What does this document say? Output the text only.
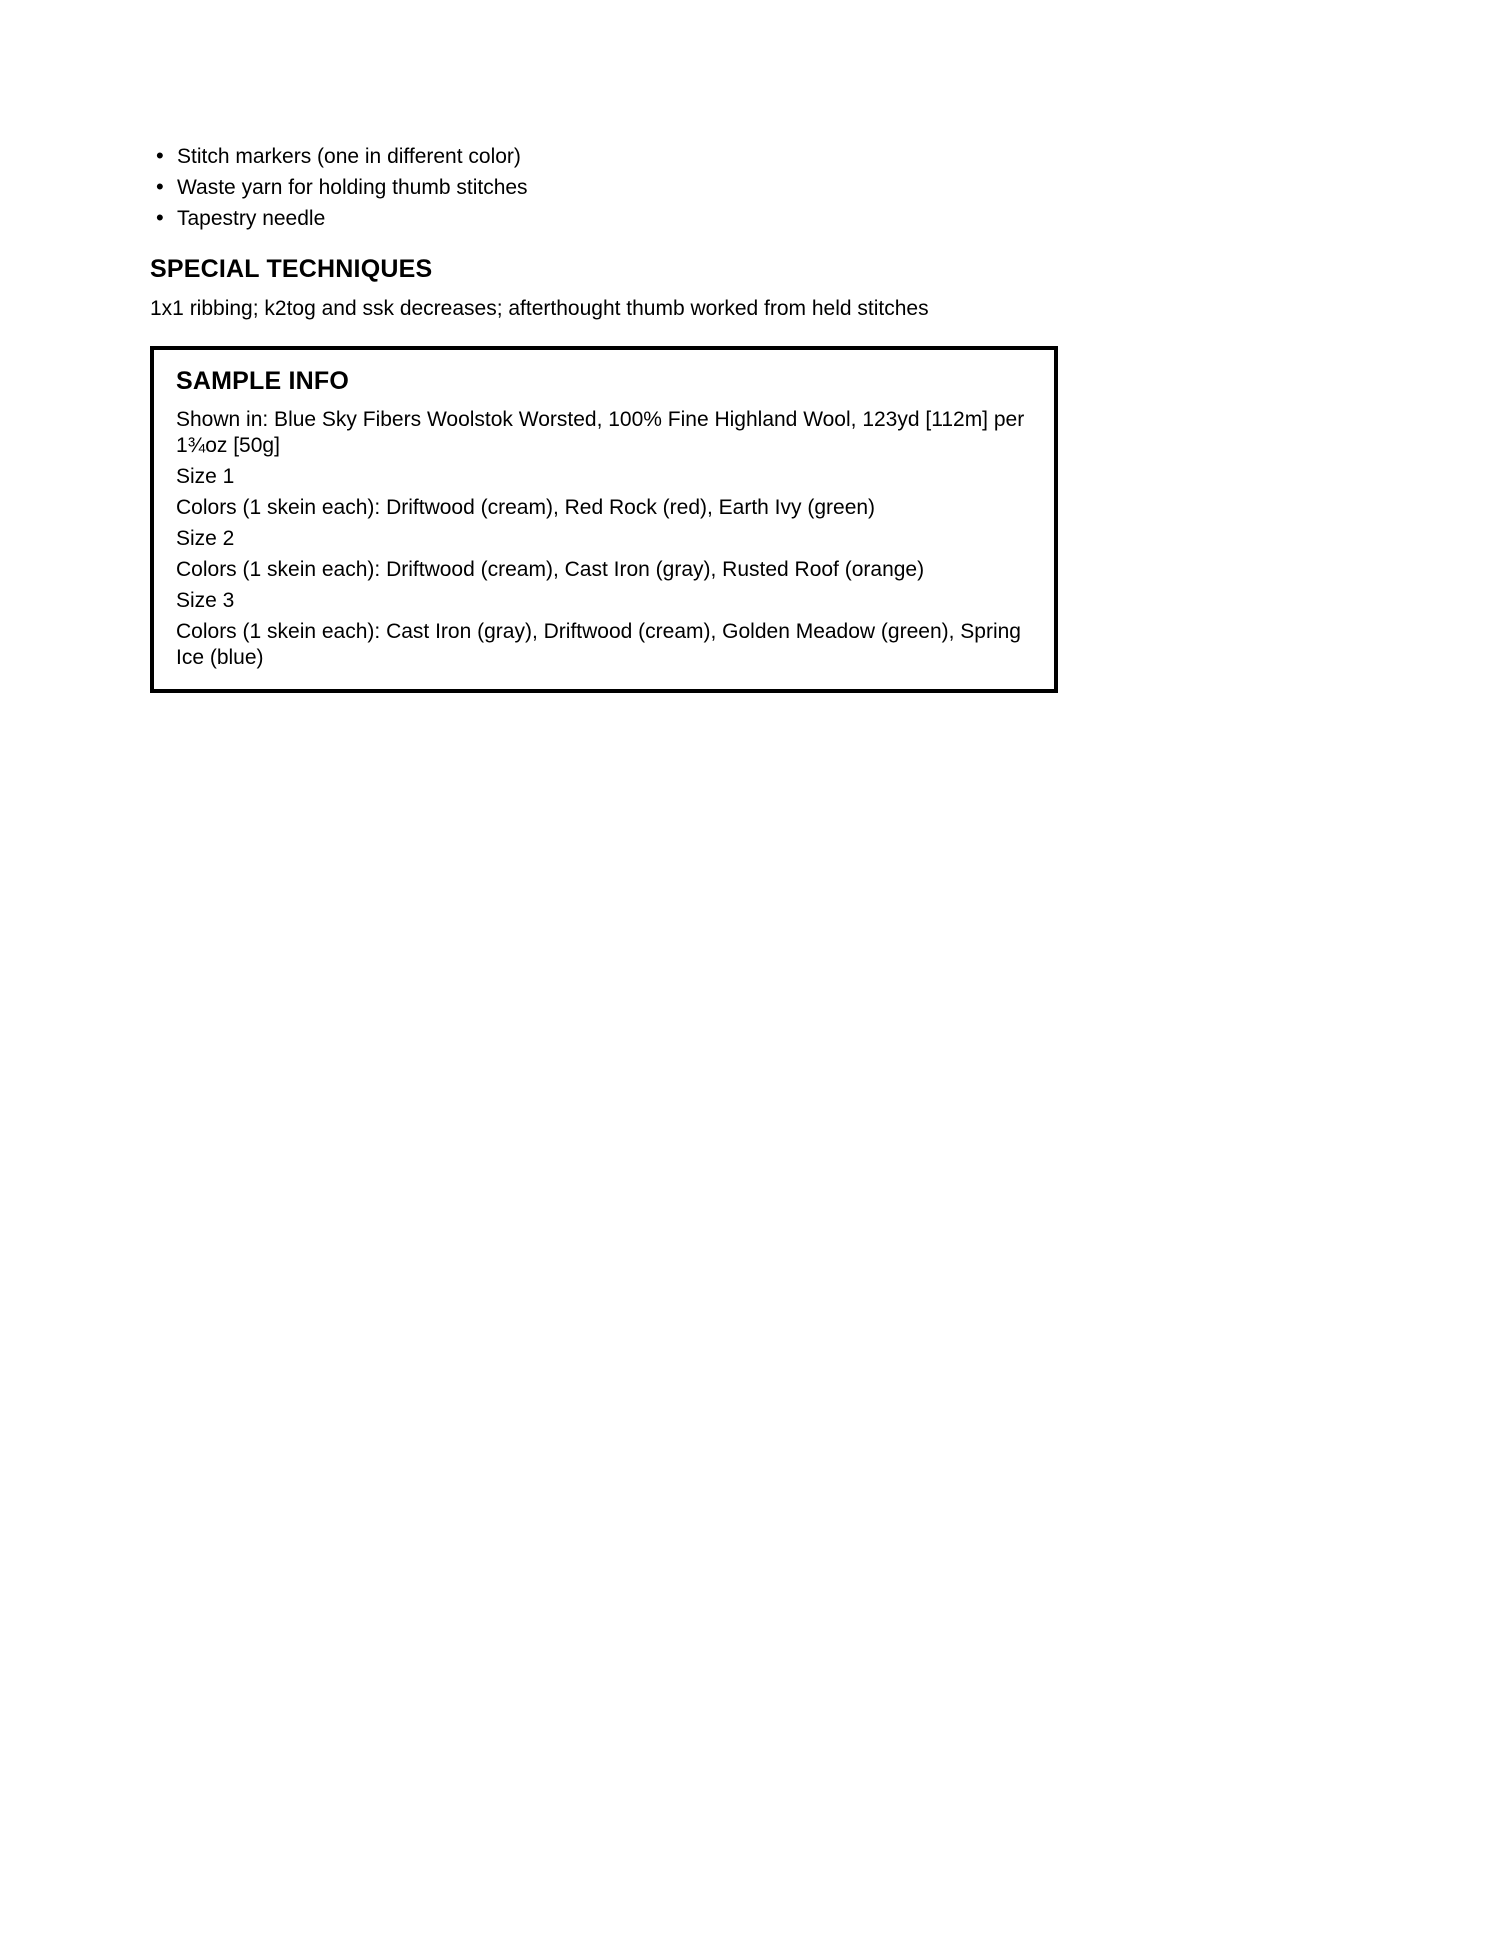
• Stitch markers (one in different color)
• Waste yarn for holding thumb stitches
• Tapestry needle
SPECIAL TECHNIQUES

1x1 ribbing; k2tog and ssk decreases; afterthought thumb worked from held stitches

SAMPLE INFO

Shown in: Blue Sky Fibers Woolstok Worsted, 100% Fine Highland Wool, 123yd [112m] per 1¾oz [50g]

Size 1

Colors (1 skein each): Driftwood (cream), Red Rock (red), Earth Ivy (green)

Size 2

Colors (1 skein each): Driftwood (cream), Cast Iron (gray), Rusted Roof (orange)

Size 3

Colors (1 skein each): Cast Iron (gray), Driftwood (cream), Golden Meadow (green), Spring Ice (blue)
